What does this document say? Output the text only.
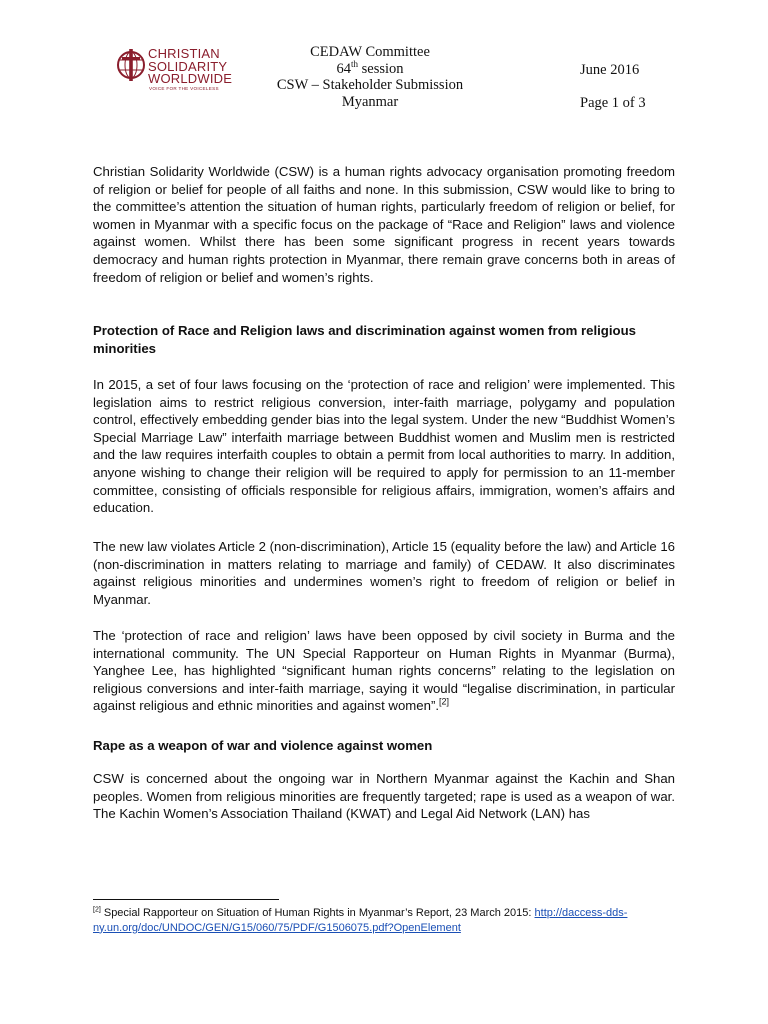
CHRISTIAN
SOLIDARITY
WORLDWIDE
VOICE FOR THE VOICELESS
CEDAW Committee
64th session
CSW – Stakeholder Submission
Myanmar
June 2016
Page 1 of 3

Christian Solidarity Worldwide (CSW) is a human rights advocacy organisation promoting freedom of religion or belief for people of all faiths and none. In this submission, CSW would like to bring to the committee’s attention the situation of human rights, particularly freedom of religion or belief, for women in Myanmar with a specific focus on the package of “Race and Religion” laws and violence against women. Whilst there has been some significant progress in recent years towards democracy and human rights protection in Myanmar, there remain grave concerns both in areas of freedom of religion or belief and women’s rights.

Protection of Race and Religion laws and discrimination against women from religious minorities

In 2015, a set of four laws focusing on the ‘protection of race and religion’ were implemented. This legislation aims to restrict religious conversion, inter-faith marriage, polygamy and population control, effectively embedding gender bias into the legal system. Under the new “Buddhist Women’s Special Marriage Law” interfaith marriage between Buddhist women and Muslim men is restricted and the law requires interfaith couples to obtain a permit from local authorities to marry. In addition, anyone wishing to change their religion will be required to apply for permission to an 11-member committee, consisting of officials responsible for religious affairs, immigration, women’s affairs and education.

The new law violates Article 2 (non-discrimination), Article 15 (equality before the law) and Article 16 (non-discrimination in matters relating to marriage and family) of CEDAW. It also discriminates against religious minorities and undermines women’s right to freedom of religion or belief in Myanmar.

The ‘protection of race and religion’ laws have been opposed by civil society in Burma and the international community. The UN Special Rapporteur on Human Rights in Myanmar (Burma), Yanghee Lee, has highlighted “significant human rights concerns” relating to the legislation on religious conversions and inter-faith marriage, saying it would “legalise discrimination, in particular against religious and ethnic minorities and against women”.[2]

Rape as a weapon of war and violence against women

CSW is concerned about the ongoing war in Northern Myanmar against the Kachin and Shan peoples. Women from religious minorities are frequently targeted; rape is used as a weapon of war. The Kachin Women’s Association Thailand (KWAT) and Legal Aid Network (LAN) has

[2] Special Rapporteur on Situation of Human Rights in Myanmar’s Report, 23 March 2015: http://daccess-dds-ny.un.org/doc/UNDOC/GEN/G15/060/75/PDF/G1506075.pdf?OpenElement
